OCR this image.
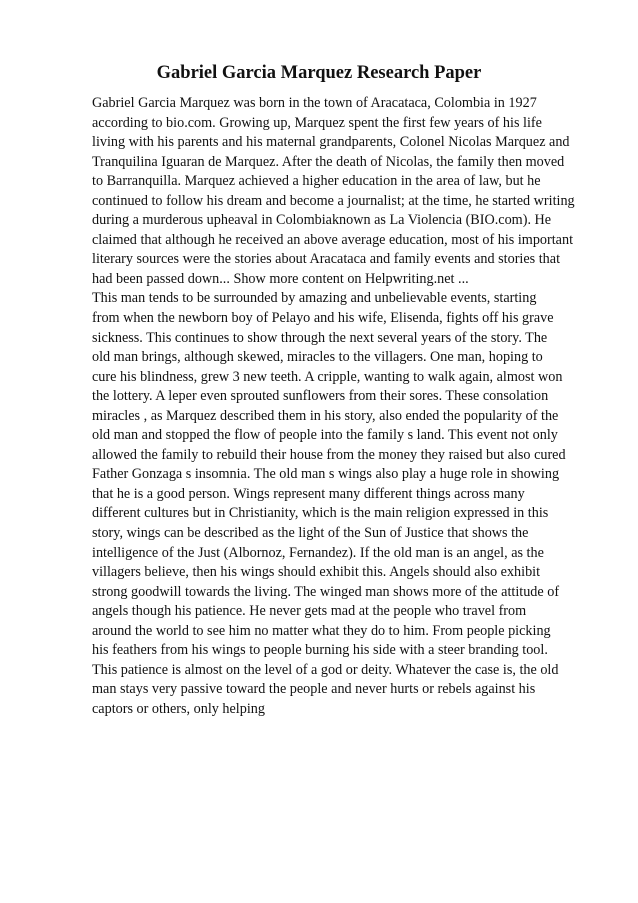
Gabriel Garcia Marquez Research Paper
Gabriel Garcia Marquez was born in the town of Aracataca, Colombia in 1927
according to bio.com. Growing up, Marquez spent the first few years of his life
living with his parents and his maternal grandparents, Colonel Nicolas Marquez and
Tranquilina Iguaran de Marquez. After the death of Nicolas, the family then moved
to Barranquilla. Marquez achieved a higher education in the area of law, but he
continued to follow his dream and become a journalist; at the time, he started writing
during a murderous upheaval in Colombiaknown as La Violencia (BIO.com). He
claimed that although he received an above average education, most of his important
literary sources were the stories about Aracataca and family events and stories that
had been passed down... Show more content on Helpwriting.net ...
This man tends to be surrounded by amazing and unbelievable events, starting
from when the newborn boy of Pelayo and his wife, Elisenda, fights off his grave
sickness. This continues to show through the next several years of the story. The
old man brings, although skewed, miracles to the villagers. One man, hoping to
cure his blindness, grew 3 new teeth. A cripple, wanting to walk again, almost won
the lottery. A leper even sprouted sunflowers from their sores. These consolation
miracles , as Marquez described them in his story, also ended the popularity of the
old man and stopped the flow of people into the family s land. This event not only
allowed the family to rebuild their house from the money they raised but also cured
Father Gonzaga s insomnia. The old man s wings also play a huge role in showing
that he is a good person. Wings represent many different things across many
different cultures but in Christianity, which is the main religion expressed in this
story, wings can be described as the light of the Sun of Justice that shows the
intelligence of the Just (Albornoz, Fernandez). If the old man is an angel, as the
villagers believe, then his wings should exhibit this. Angels should also exhibit
strong goodwill towards the living. The winged man shows more of the attitude of
angels though his patience. He never gets mad at the people who travel from
around the world to see him no matter what they do to him. From people picking
his feathers from his wings to people burning his side with a steer branding tool.
This patience is almost on the level of a god or deity. Whatever the case is, the old
man stays very passive toward the people and never hurts or rebels against his
captors or others, only helping
